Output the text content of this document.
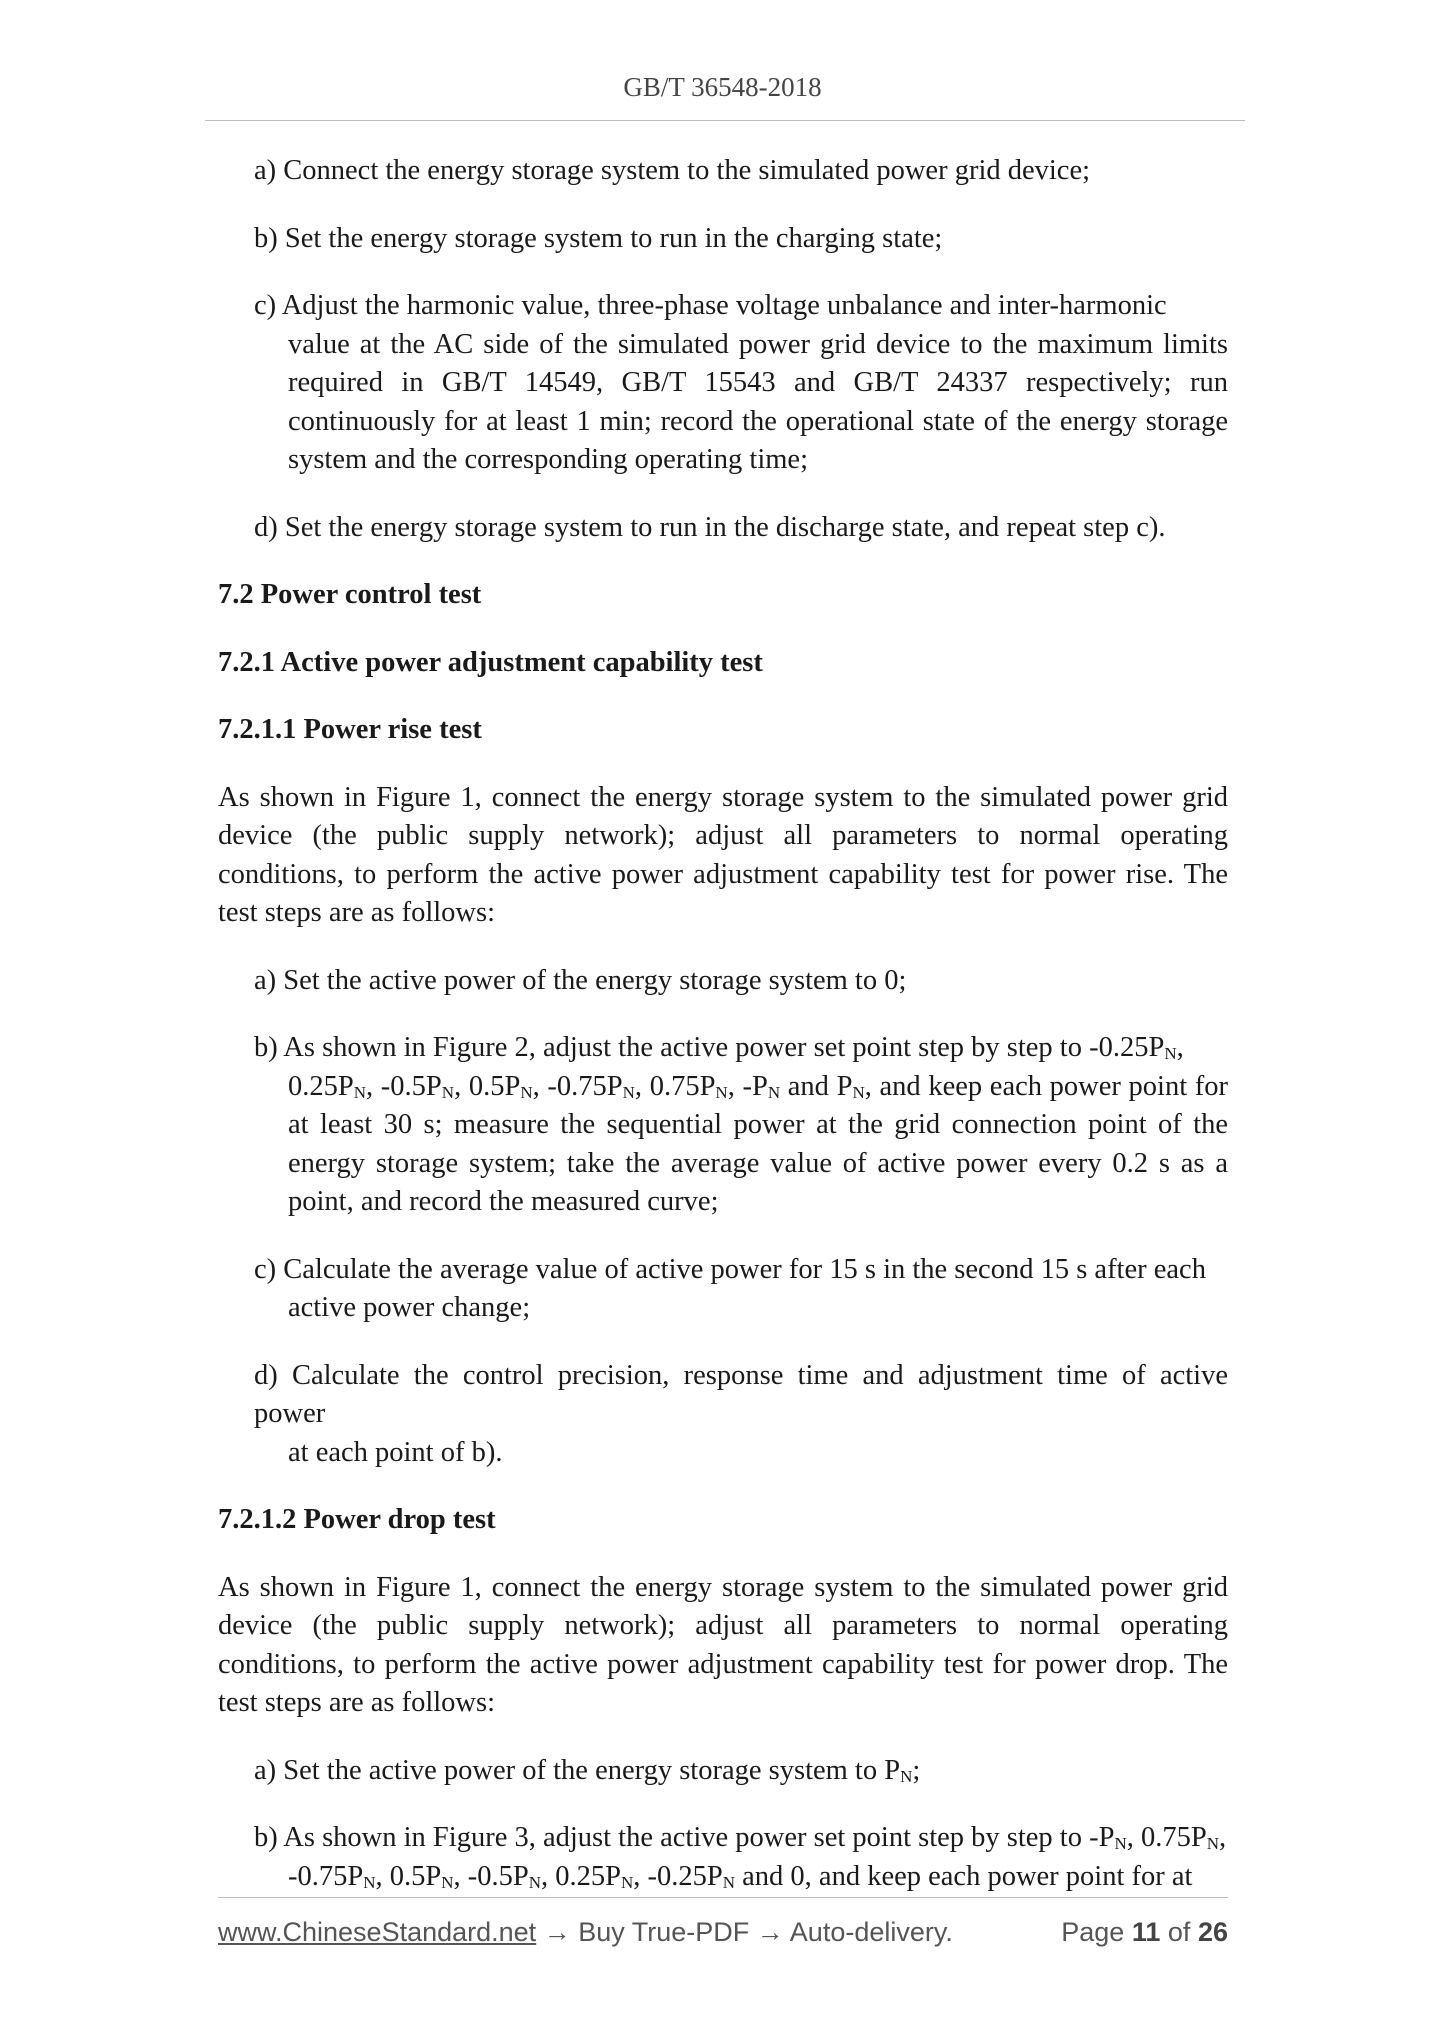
GB/T 36548-2018

a) Connect the energy storage system to the simulated power grid device;

b) Set the energy storage system to run in the charging state;

c) Adjust the harmonic value, three-phase voltage unbalance and inter-harmonic
value at the AC side of the simulated power grid device to the maximum limits required in GB/T 14549, GB/T 15543 and GB/T 24337 respectively; run continuously for at least 1 min; record the operational state of the energy storage system and the corresponding operating time;

d) Set the energy storage system to run in the discharge state, and repeat step c).

7.2 Power control test

7.2.1 Active power adjustment capability test

7.2.1.1 Power rise test

As shown in Figure 1, connect the energy storage system to the simulated power grid device (the public supply network); adjust all parameters to normal operating conditions, to perform the active power adjustment capability test for power rise. The test steps are as follows:

a) Set the active power of the energy storage system to 0;

b) As shown in Figure 2, adjust the active power set point step by step to $-0.25P_N$,
$0.25P_N$, $-0.5P_N$, $0.5P_N$, $-0.75P_N$, $0.75P_N$, $-P_N$ and $P_N$, and keep each power point for at least 30 s; measure the sequential power at the grid connection point of the energy storage system; take the average value of active power every 0.2 s as a point, and record the measured curve;

c) Calculate the average value of active power for 15 s in the second 15 s after each
active power change;

d) Calculate the control precision, response time and adjustment time of active power
at each point of b).

7.2.1.2 Power drop test

As shown in Figure 1, connect the energy storage system to the simulated power grid device (the public supply network); adjust all parameters to normal operating conditions, to perform the active power adjustment capability test for power drop. The test steps are as follows:

a) Set the active power of the energy storage system to $P_N$;

b) As shown in Figure 3, adjust the active power set point step by step to $-P_N$, $0.75P_N$,
$-0.75P_N$, $0.5P_N$, $-0.5P_N$, $0.25P_N$, $-0.25P_N$ and 0, and keep each power point for at

www.ChineseStandard.net → Buy True-PDF → Auto-delivery.	Page 11 of 26
